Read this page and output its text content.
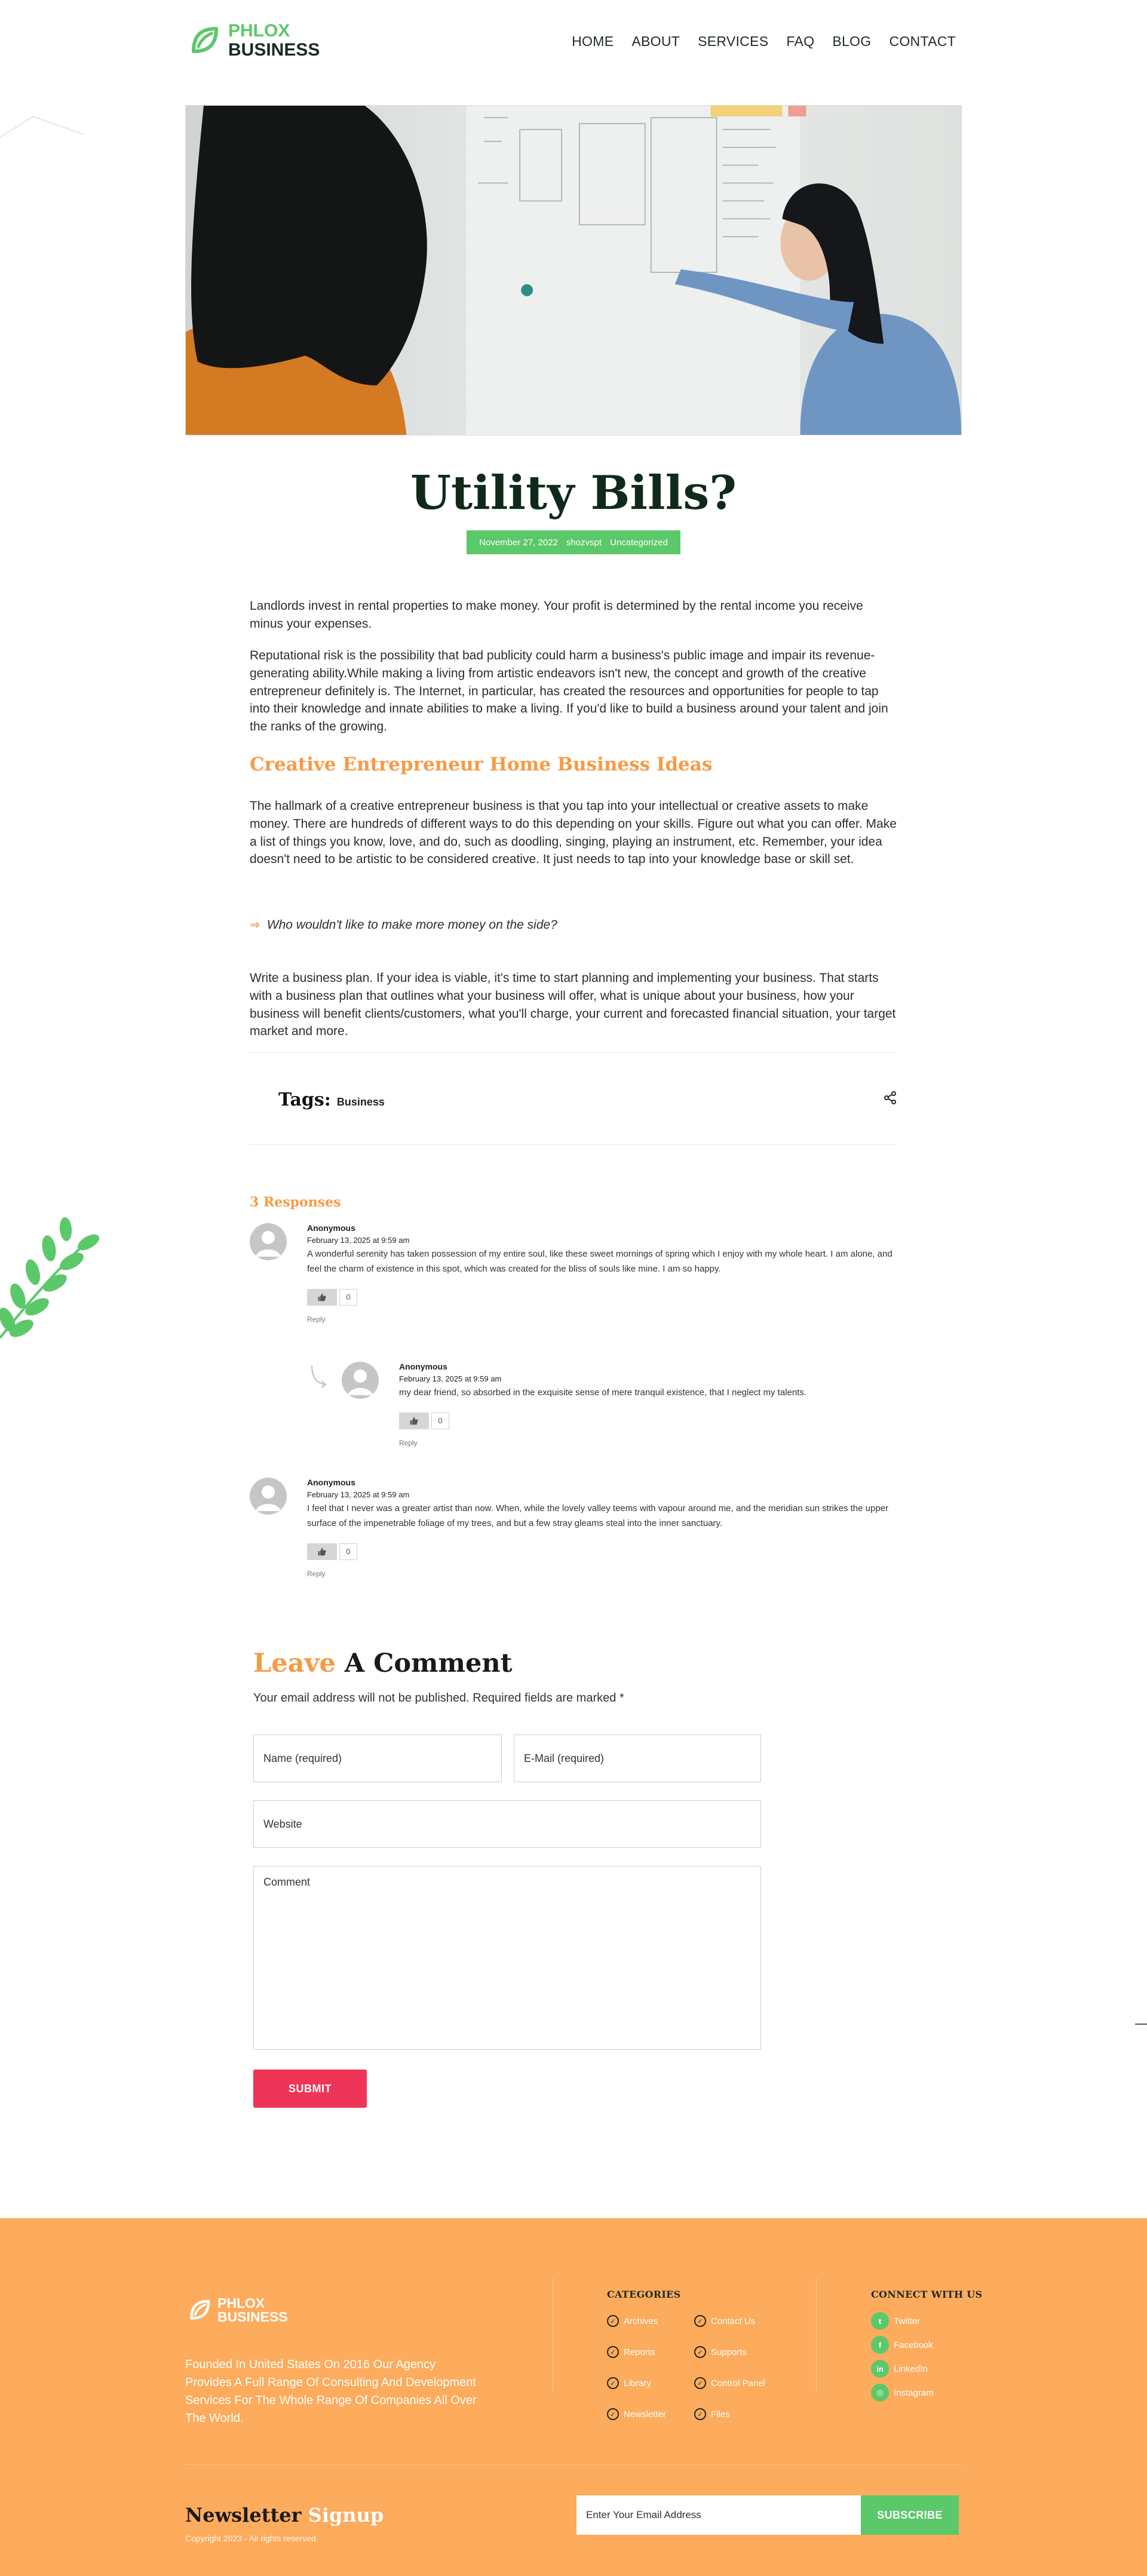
PHLOX
BUSINESS	HOME ABOUT SERVICES FAQ BLOG CONTACT
Utility Bills?
November 27, 2022 shozvspt Uncategorized

Landlords invest in rental properties to make money. Your profit is determined by the rental income you receive minus your expenses.

Reputational risk is the possibility that bad publicity could harm a business's public image and impair its revenue-generating ability.While making a living from artistic endeavors isn't new, the concept and growth of the creative entrepreneur definitely is. The Internet, in particular, has created the resources and opportunities for people to tap into their knowledge and innate abilities to make a living. If you'd like to build a business around your talent and join the ranks of the growing.

Creative Entrepreneur Home Business Ideas

The hallmark of a creative entrepreneur business is that you tap into your intellectual or creative assets to make money. There are hundreds of different ways to do this depending on your skills. Figure out what you can offer. Make a list of things you know, love, and do, such as doodling, singing, playing an instrument, etc. Remember, your idea doesn't need to be artistic to be considered creative. It just needs to tap into your knowledge base or skill set.

⇒ Who wouldn't like to make more money on the side?

Write a business plan. If your idea is viable, it's time to start planning and implementing your business. That starts with a business plan that outlines what your business will offer, what is unique about your business, how your business will benefit clients/customers, what you'll charge, your current and forecasted financial situation, your target market and more.

Tags: Business
3 Responses
Anonymous
February 13, 2025 at 9:59 am
A wonderful serenity has taken possession of my entire soul, like these sweet mornings of spring which I enjoy with my whole heart. I am alone, and feel the charm of existence in this spot, which was created for the bliss of souls like mine. I am so happy.
0
Reply
Anonymous
February 13, 2025 at 9:59 am
my dear friend, so absorbed in the exquisite sense of mere tranquil existence, that I neglect my talents.
0
Reply
Anonymous
February 13, 2025 at 9:59 am
I feel that I never was a greater artist than now. When, while the lovely valley teems with vapour around me, and the meridian sun strikes the upper surface of the impenetrable foliage of my trees, and but a few stray gleams steal into the inner sanctuary.
0
Reply
Leave A Comment

Your email address will not be published. Required fields are marked *

Name (required)
E-Mail (required)
Website
Comment
SUBMIT
PHLOX
BUSINESS

Founded In United States On 2016 Our Agency Provides A Full Range Of Consulting And Development Services For The Whole Range Of Companies All Over The World.

CATEGORIES
✓ Archives	✓ Contact Us
✓ Reports	✓ Supports
✓ Library	✓ Control Panel
✓ Newsletter	✓ Files
CONNECT WITH US
t	Twitter
f	Facebook
in	LinkedIn
◎	Instagram
Newsletter Signup

Copyright 2023 - All rights reserved.

Enter Your Email Address
SUBSCRIBE
